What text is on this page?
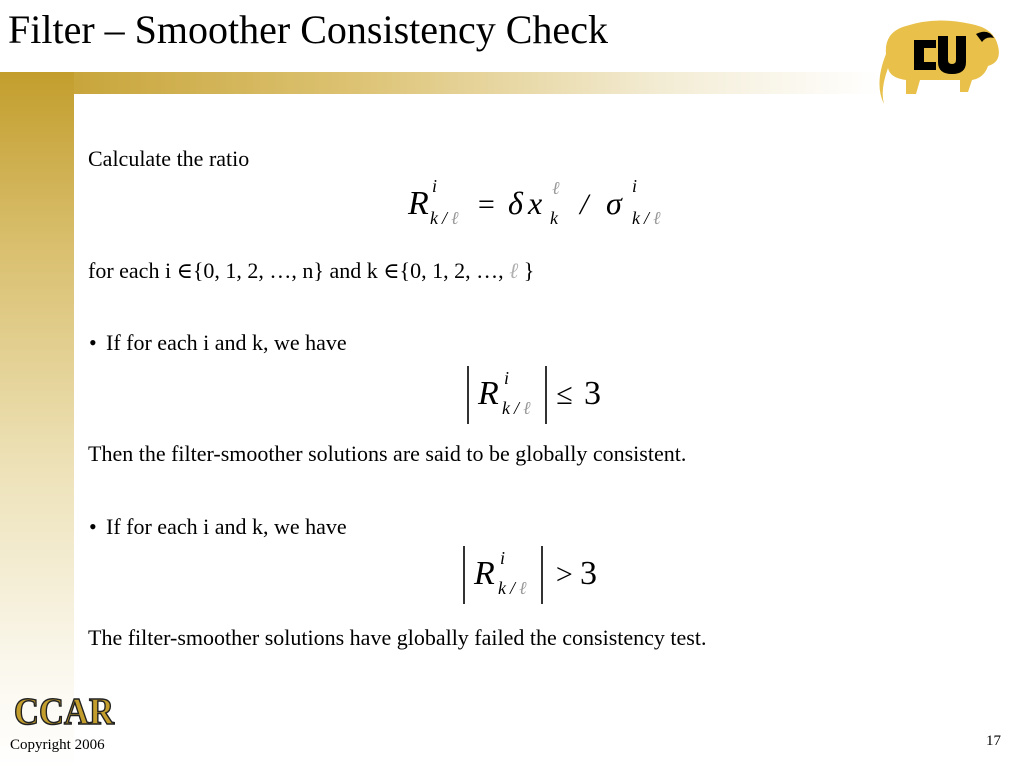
Filter – Smoother Consistency Check
Calculate the ratio
R i
k / ℓ = δ x ℓ
k / σ i
k / ℓ
for each i ∈{0, 1, 2, …, n} and k ∈{0, 1, 2, …, ℓ }
• If for each i and k, we have
R i
k / ℓ ≤ 3
Then the filter-smoother solutions are said to be globally consistent.
• If for each i and k, we have
R i
k / ℓ > 3
The filter-smoother solutions have globally failed the consistency test.
CCAR
Copyright 2006	17
